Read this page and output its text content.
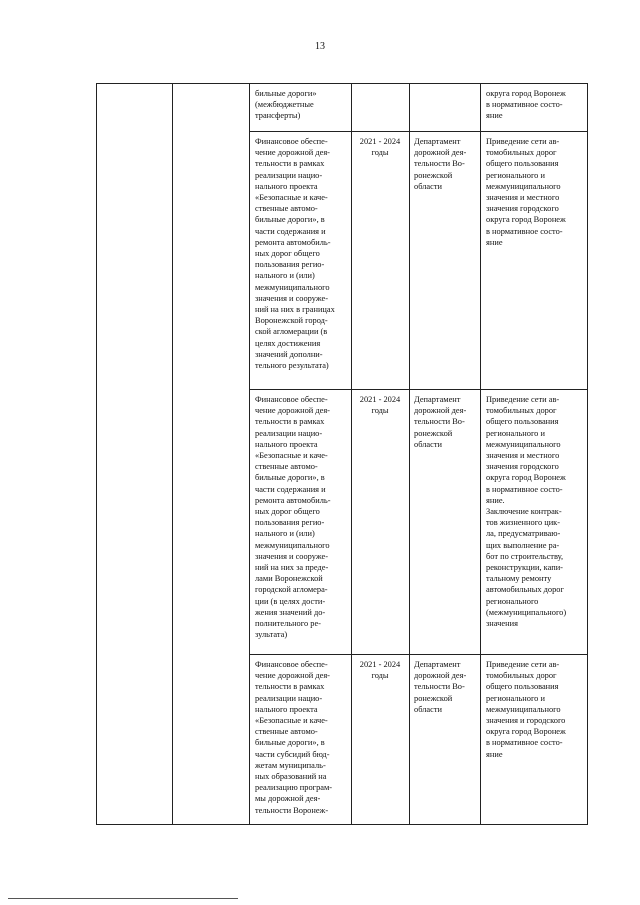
13
бильные дороги»
(межбюджетные
трансферты)
округа город Воронеж
в нормативное состо-
яние
Финансовое обеспе-
чение дорожной дея-
тельности в рамках
реализации нацио-
нального проекта
«Безопасные и каче-
ственные автомо-
бильные дороги», в
части содержания и
ремонта автомобиль-
ных дорог общего
пользования регио-
нального и (или)
межмуниципального
значения и сооруже-
ний на них в границах
Воронежской город-
ской агломерации (в
целях достижения
значений дополни-
тельного результата)
2021 - 2024
годы
Департамент
дорожной дея-
тельности Во-
ронежской
области
Приведение сети ав-
томобильных дорог
общего пользования
регионального и
межмуниципального
значения и местного
значения городского
округа город Воронеж
в нормативное состо-
яние
Финансовое обеспе-
чение дорожной дея-
тельности в рамках
реализации нацио-
нального проекта
«Безопасные и каче-
ственные автомо-
бильные дороги», в
части содержания и
ремонта автомобиль-
ных дорог общего
пользования регио-
нального и (или)
межмуниципального
значения и сооруже-
ний на них за преде-
лами Воронежской
городской агломера-
ции (в целях дости-
жения значений до-
полнительного ре-
зультата)
2021 - 2024
годы
Департамент
дорожной дея-
тельности Во-
ронежской
области
Приведение сети ав-
томобильных дорог
общего пользования
регионального и
межмуниципального
значения и местного
значения городского
округа город Воронеж
в нормативное состо-
яние.
Заключение контрак-
тов жизненного цик-
ла, предусматриваю-
щих выполнение ра-
бот по строительству,
реконструкции, капи-
тальному ремонту
автомобильных дорог
регионального
(межмуниципального)
значения
Финансовое обеспе-
чение дорожной дея-
тельности в рамках
реализации нацио-
нального проекта
«Безопасные и каче-
ственные автомо-
бильные дороги», в
части субсидий бюд-
жетам муниципаль-
ных образований на
реализацию програм-
мы дорожной дея-
тельности Воронеж-
2021 - 2024
годы
Департамент
дорожной дея-
тельности Во-
ронежской
области
Приведение сети ав-
томобильных дорог
общего пользования
регионального и
межмуниципального
значения и городского
округа город Воронеж
в нормативное состо-
яние
